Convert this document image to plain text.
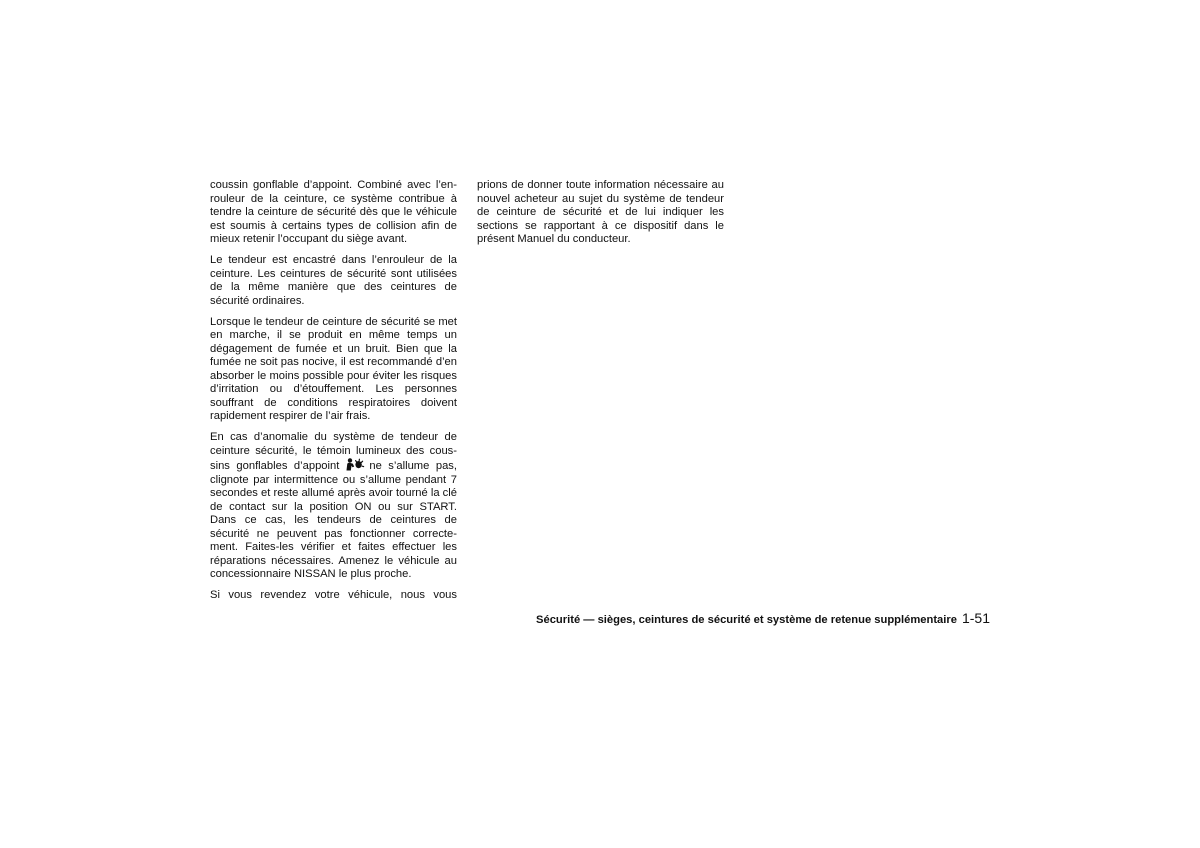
coussin gonflable d’appoint. Combiné avec l’enrouleur de la ceinture, ce système contribue à tendre la ceinture de sécurité dès que le véhicule est soumis à certains types de collision afin de mieux retenir l’occupant du siège avant.

Le tendeur est encastré dans l’enrouleur de la ceinture. Les ceintures de sécurité sont utilisées de la même manière que des ceintures de sécurité ordinaires.

Lorsque le tendeur de ceinture de sécurité se met en marche, il se produit en même temps un dégagement de fumée et un bruit. Bien que la fumée ne soit pas nocive, il est recommandé d’en absorber le moins possible pour éviter les risques d’irritation ou d’étouffement. Les personnes souffrant de conditions respiratoires doivent rapidement respirer de l’air frais.

En cas d’anomalie du système de tendeur de ceinture sécurité, le témoin lumineux des coussins gonflables d’appoint	ne s’allume pas, clignote par intermittence ou s’allume pendant 7 secondes et reste allumé après avoir tourné la clé de contact sur la position ON ou sur START. Dans ce cas, les tendeurs de ceintures de sécurité ne peuvent pas fonctionner correctement. Faites-les vérifier et faites effectuer les réparations nécessaires. Amenez le véhicule au concessionnaire NISSAN le plus proche.

Si vous revendez votre véhicule, nous vous

prions de donner toute information nécessaire au nouvel acheteur au sujet du système de tendeur de ceinture de sécurité et de lui indiquer les sections se rapportant à ce dispositif dans le présent Manuel du conducteur.

Sécurité — sièges, ceintures de sécurité et système de retenue supplémentaire 1-51
